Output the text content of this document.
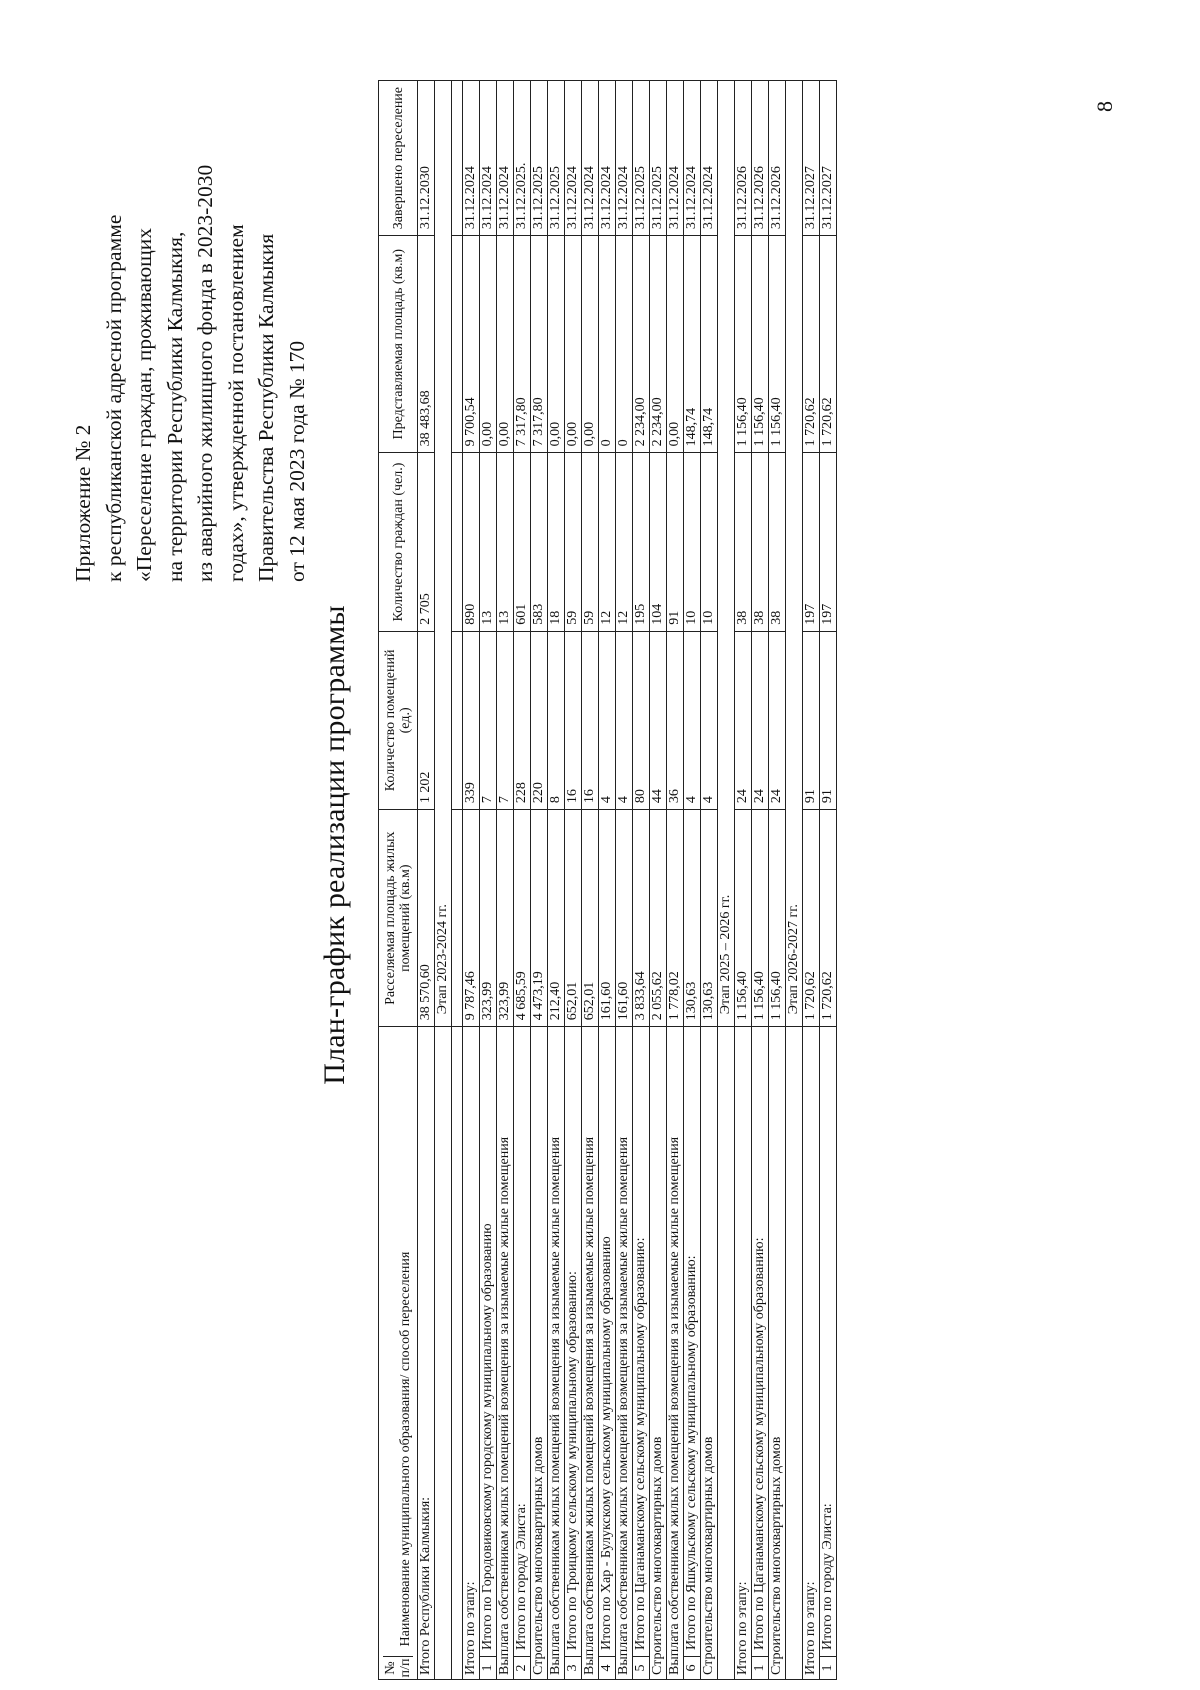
Приложение № 2 к республиканской адресной программе «Переселение граждан, проживающих на территории Республики Калмыкия, из аварийного жилищного фонда в 2023-2030 годах», утвержденной постановлением Правительства Республики Калмыкия от 12 мая 2023 года № 170
План-график реализации программы
№
п/п Наименование муниципального образования/ способ переселения	Расселяемая площадь жилых помещений (кв.м)	Количество помещений (ед.)	Количество граждан (чел.)	Представляемая площадь (кв.м)	Завершено переселение
Итого Республики Калмыкия:	38 570,60	1 202	2 705	38 483,68	31.12.2030
	Этап 2023-2024 гг.				

Итого по этапу:	9 787,46	339	890	9 700,54	31.12.2024
1Итого по Городовиковскому городскому муниципальному образованию	323,99	7	13	0,00	31.12.2024
Выплата собственникам жилых помещений возмещения за изымаемые жилые помещения	323,99	7	13	0,00	31.12.2024
2Итого по городу Элиста:	4 685,59	228	601	7 317,80	31.12.2025.
Строительство многоквартирных домов	4 473,19	220	583	7 317,80	31.12.2025
Выплата собственникам жилых помещений возмещения за изымаемые жилые помещения	212,40	8	18	0,00	31.12.2025
3Итого по Троицкому сельскому муниципальному образованию:	652,01	16	59	0,00	31.12.2024
Выплата собственникам жилых помещений возмещения за изымаемые жилые помещения	652,01	16	59	0,00	31.12.2024
4Итого по Хар - Булукскому сельскому муниципальному образованию	161,60	4	12	0	31.12.2024
Выплата собственникам жилых помещений возмещения за изымаемые жилые помещения	161,60	4	12	0	31.12.2024
5Итого по Цаганаманскому сельскому муниципальному образованию:	3 833,64	80	195	2 234,00	31.12.2025
Строительство многоквартирных домов	2 055,62	44	104	2 234,00	31.12.2025
Выплата собственникам жилых помещений возмещения за изымаемые жилые помещения	1 778,02	36	91	0,00	31.12.2024
6Итого по Яшкульскому сельскому муниципальному образованию:	130,63	4	10	148,74	31.12.2024
Строительство многоквартирных домов	130,63	4	10	148,74	31.12.2024
	Этап 2025 – 2026 гг.				
Итого по этапу:	1 156,40	24	38	1 156,40	31.12.2026
1Итого по Цаганаманскому сельскому муниципальному образованию:	1 156,40	24	38	1 156,40	31.12.2026
Строительство многоквартирных домов	1 156,40	24	38	1 156,40	31.12.2026
	Этап 2026-2027 гг.				
Итого по этапу:	1 720,62	91	197	1 720,62	31.12.2027
1Итого по городу Элиста:	1 720,62	91	197	1 720,62	31.12.2027
8
